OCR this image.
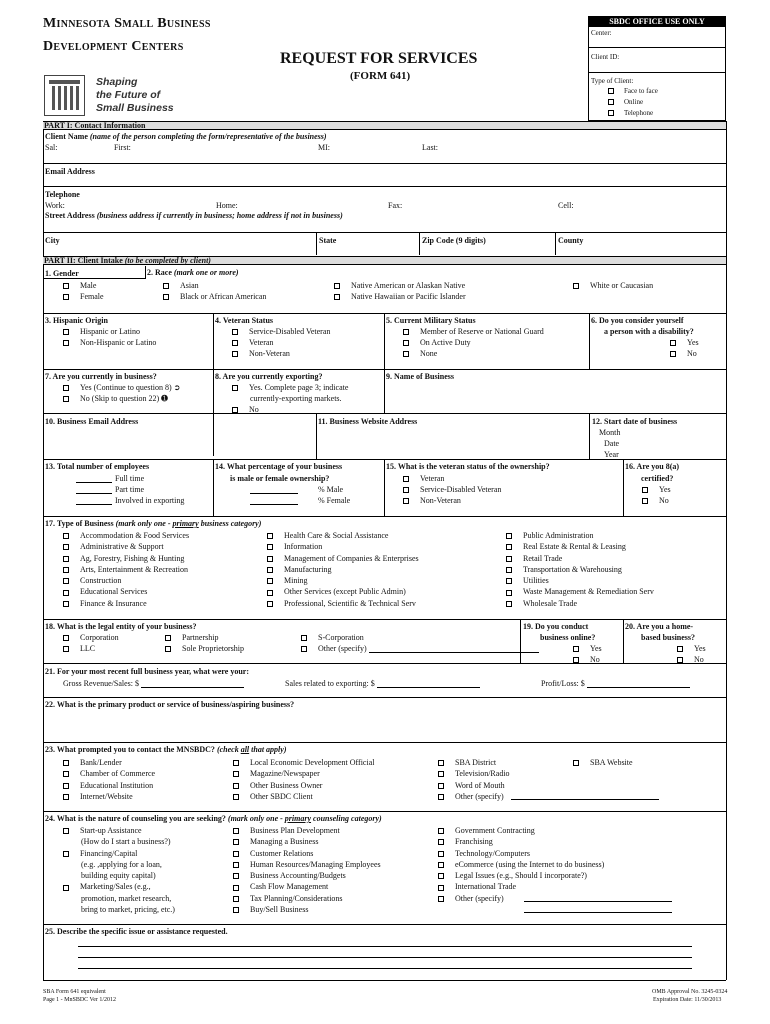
Minnesota Small Business
Development Centers
Shaping
the Future of
Small Business
REQUEST FOR SERVICES
(FORM 641)
SBDC OFFICE USE ONLY
Center:
Client ID:
Type of Client:
Face to face
Online
Telephone
PART I: Contact Information
Client Name (name of the person completing the form/representative of the business)
Sal:	First:	MI:	Last:
Email Address
Telephone
Work:	Home:	Fax:	Cell:
Street Address (business address if currently in business; home address if not in business)
City	State	Zip Code (9 digits)	County
PART II: Client Intake (to be completed by client)
1. Gender
Male
Female
2. Race (mark one or more)
Asian
Black or African American
Native American or Alaskan Native
Native Hawaiian or Pacific Islander
White or Caucasian
3. Hispanic Origin
Hispanic or Latino
Non-Hispanic or Latino
4. Veteran Status
Service-Disabled Veteran
Veteran
Non-Veteran
5. Current Military Status
Member of Reserve or National Guard
On Active Duty
None
6. Do you consider yourself
a person with a disability?
Yes
No
7. Are you currently in business?
Yes (Continue to question 8) ➲
No (Skip to question 22) ➊
8. Are you currently exporting?
Yes. Complete page 3; indicate
currently-exporting markets.
No
9. Name of Business
10. Business Email Address	11. Business Website Address	12. Start date of business
Month
Date
Year
13. Total number of employees
Full time
Part time
Involved in exporting
14. What percentage of your business
is male or female ownership?
% Male
% Female
15. What is the veteran status of the ownership?
Veteran
Service-Disabled Veteran
Non-Veteran
16. Are you 8(a)
certified?
Yes
No
17. Type of Business (mark only one - primary business category)
Accommodation & Food Services
Administrative & Support
Ag, Forestry, Fishing & Hunting
Arts, Entertainment & Recreation
Construction
Educational Services
Finance & Insurance
Health Care & Social Assistance
Information
Management of Companies & Enterprises
Manufacturing
Mining
Other Services (except Public Admin)
Professional, Scientific & Technical Serv
Public Administration
Real Estate & Rental & Leasing
Retail Trade
Transportation & Warehousing
Utilities
Waste Management & Remediation Serv
Wholesale Trade
18. What is the legal entity of your business?
Corporation
LLC
Partnership
Sole Proprietorship
S-Corporation
Other (specify)
19. Do you conduct
business online?
Yes
No
20. Are you a home-
based business?
Yes
No
21. For your most recent full business year, what were your:
Gross Revenue/Sales: $	Sales related to exporting: $	Profit/Loss: $
22. What is the primary product or service of business/aspiring business?
23. What prompted you to contact the MNSBDC? (check all that apply)
Bank/Lender
Chamber of Commerce
Educational Institution
Internet/Website
Local Economic Development Official
Magazine/Newspaper
Other Business Owner
Other SBDC Client
SBA District
Television/Radio
Word of Mouth
Other (specify)
SBA Website
24. What is the nature of counseling you are seeking? (mark only one - primary counseling category)
Start-up Assistance
(How do I start a business?)
Financing/Capital
(e.g. ,applying for a loan,
building equity capital)
Marketing/Sales (e.g.,
promotion, market research,
bring to market, pricing, etc.)
Business Plan Development
Managing a Business
Customer Relations
Human Resources/Managing Employees
Business Accounting/Budgets
Cash Flow Management
Tax Planning/Considerations
Buy/Sell Business
Government Contracting
Franchising
Technology/Computers
eCommerce (using the Internet to do business)
Legal Issues (e.g., Should I incorporate?)
International Trade
Other (specify)
25. Describe the specific issue or assistance requested.
SBA Form 641 equivalent
Page 1 - MnSBDC Ver 1/2012
OMB Approval No. 3245-0324
Expiration Date: 11/30/2013
